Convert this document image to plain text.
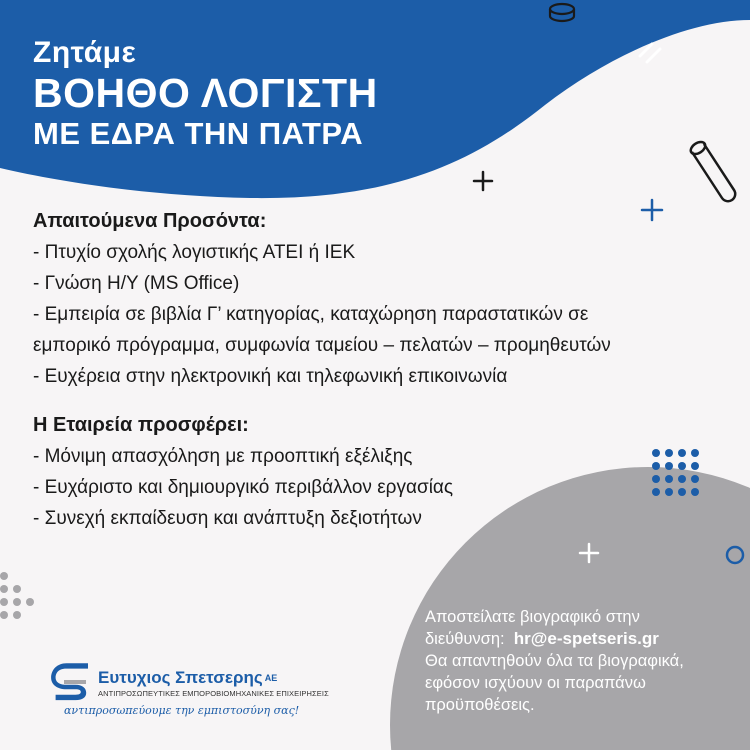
Ζητάμε
ΒΟΗΘΟ ΛΟΓΙΣΤΗ
ΜΕ ΕΔΡΑ ΤΗΝ ΠΑΤΡΑ
Απαιτούμενα Προσόντα:
- Πτυχίο σχολής λογιστικής ΑΤΕΙ ή ΙΕΚ
- Γνώση Η/Υ (MS Office)
- Εμπειρία σε βιβλία Γ’ κατηγορίας, καταχώρηση παραστατικών σε
εμπορικό πρόγραμμα, συμφωνία ταμείου – πελατών – προμηθευτών
- Ευχέρεια στην ηλεκτρονική και τηλεφωνική επικοινωνία
Η Εταιρεία προσφέρει:
- Μόνιμη απασχόληση με προοπτική εξέλιξης
- Ευχάριστο και δημιουργικό περιβάλλον εργασίας
- Συνεχή εκπαίδευση και ανάπτυξη δεξιοτήτων
Αποστείλατε βιογραφικό στην
διεύθυνση: hr@e-spetseris.gr
Θα απαντηθούν όλα τα βιογραφικά,
εφόσον ισχύουν οι παραπάνω
προϋποθέσεις.
Ευτυχιος Σπετσερης $^{AE}$
ΑΝΤΙΠΡΟΣΩΠΕΥΤΙΚΕΣ ΕΜΠΟΡΟΒΙΟΜΗΧΑΝΙΚΕΣ ΕΠΙΧΕΙΡΗΣΕΙΣ
αντιπροσωπεύουμε την εμπιστοσύνη σας!
